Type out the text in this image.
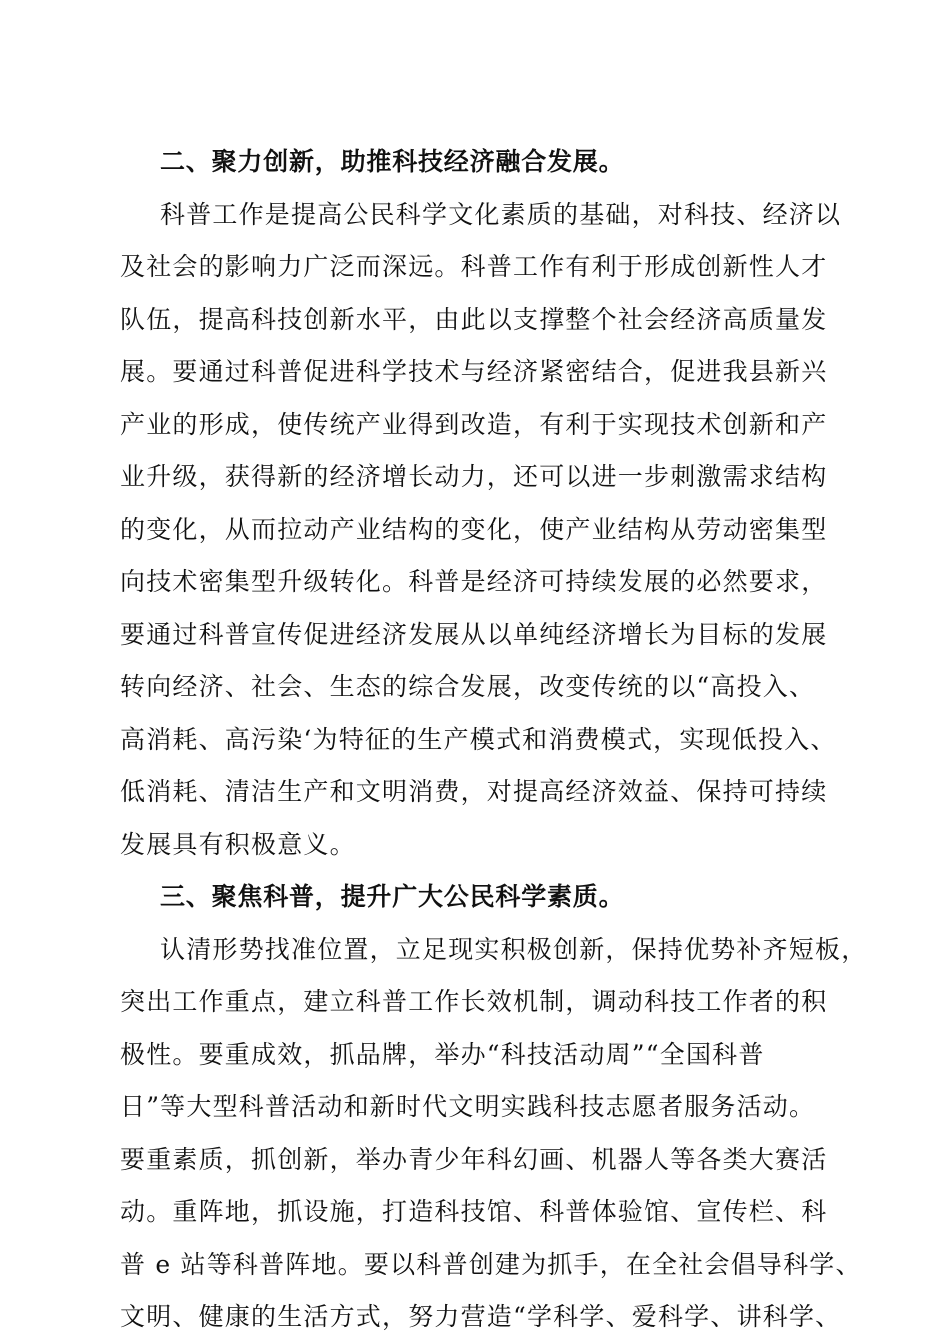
二、聚力创新，助推科技经济融合发展。
科普工作是提高公民科学文化素质的基础，对科技、经济以
及社会的影响力广泛而深远。科普工作有利于形成创新性人才
队伍，提高科技创新水平，由此以支撑整个社会经济高质量发
展。要通过科普促进科学技术与经济紧密结合，促进我县新兴
产业的形成，使传统产业得到改造，有利于实现技术创新和产
业升级，获得新的经济增长动力，还可以进一步刺激需求结构
的变化，从而拉动产业结构的变化，使产业结构从劳动密集型
向技术密集型升级转化。科普是经济可持续发展的必然要求，
要通过科普宣传促进经济发展从以单纯经济增长为目标的发展
转向经济、社会、生态的综合发展，改变传统的以“高投入、
高消耗、高污染‘为特征的生产模式和消费模式，实现低投入、
低消耗、清洁生产和文明消费，对提高经济效益、保持可持续
发展具有积极意义。
三、聚焦科普，提升广大公民科学素质。
认清形势找准位置，立足现实积极创新，保持优势补齐短板，
突出工作重点，建立科普工作长效机制，调动科技工作者的积
极性。要重成效，抓品牌，举办“科技活动周”“全国科普
日”等大型科普活动和新时代文明实践科技志愿者服务活动。
要重素质，抓创新，举办青少年科幻画、机器人等各类大赛活
动。重阵地，抓设施，打造科技馆、科普体验馆、宣传栏、科
普 e 站等科普阵地。要以科普创建为抓手，在全社会倡导科学、
文明、健康的生活方式，努力营造“学科学、爱科学、讲科学、
